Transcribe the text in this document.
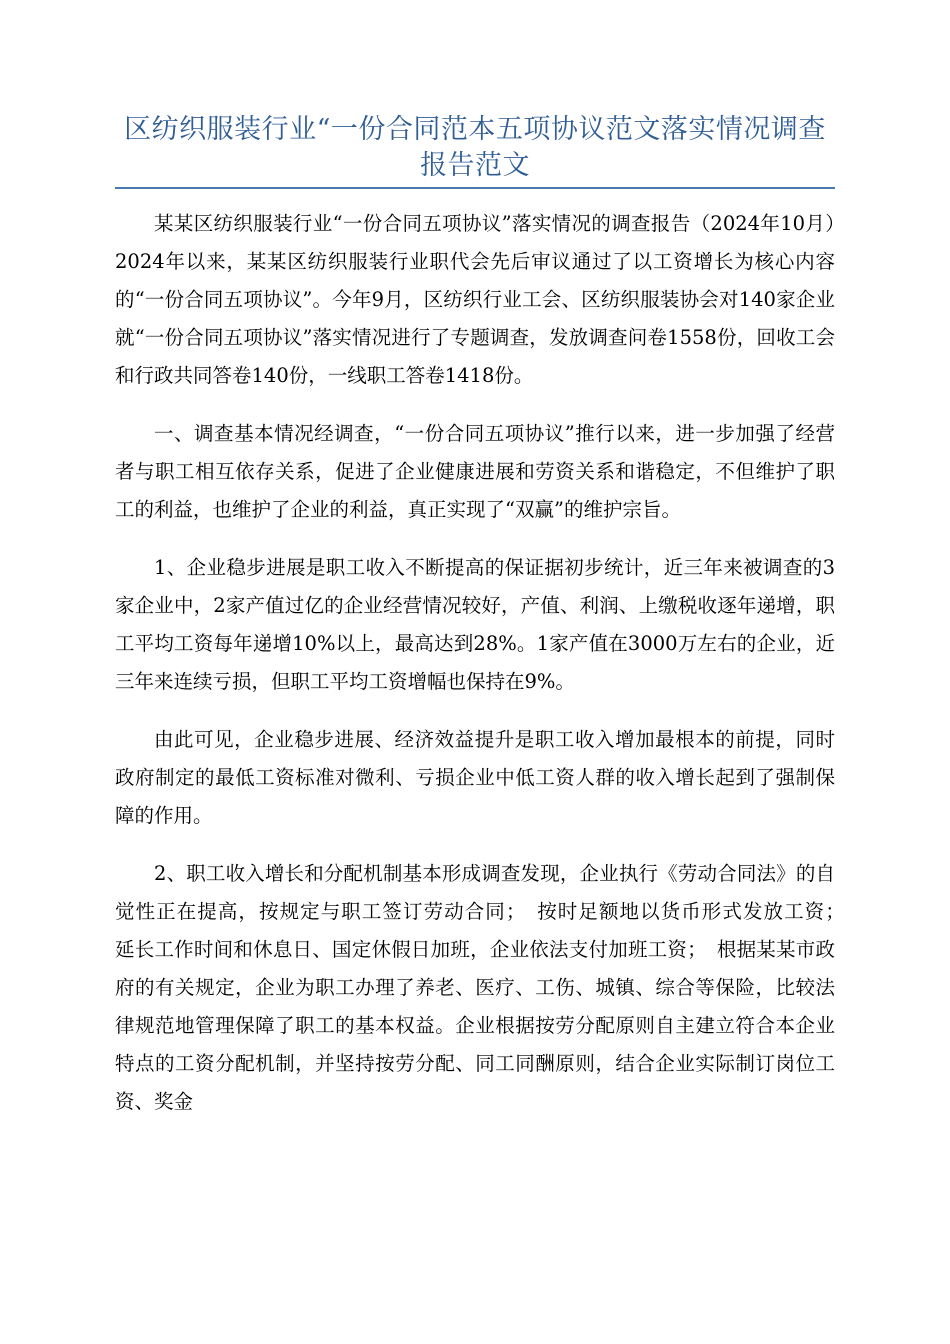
区纺织服装行业“一份合同范本五项协议范文落实情况调查报告范文

某某区纺织服装行业“一份合同五项协议”落实情况的调查报告（2024年10月）　2024年以来，某某区纺织服装行业职代会先后审议通过了以工资增长为核心内容的“一份合同五项协议”。今年9月，区纺织行业工会、区纺织服装协会对140家企业就“一份合同五项协议”落实情况进行了专题调查，发放调查问卷1558份，回收工会和行政共同答卷140份，一线职工答卷1418份。

一、调查基本情况经调查，“一份合同五项协议”推行以来，进一步加强了经营者与职工相互依存关系，促进了企业健康进展和劳资关系和谐稳定，不但维护了职工的利益，也维护了企业的利益，真正实现了“双赢”的维护宗旨。

1、企业稳步进展是职工收入不断提高的保证据初步统计，近三年来被调查的3家企业中，2家产值过亿的企业经营情况较好，产值、利润、上缴税收逐年递增，职工平均工资每年递增10%以上，最高达到28%。1家产值在3000万左右的企业，近三年来连续亏损，但职工平均工资增幅也保持在9%。

由此可见，企业稳步进展、经济效益提升是职工收入增加最根本的前提，同时政府制定的最低工资标准对微利、亏损企业中低工资人群的收入增长起到了强制保障的作用。

2、职工收入增长和分配机制基本形成调查发现，企业执行《劳动合同法》的自觉性正在提高，按规定与职工签订劳动合同；　按时足额地以货币形式发放工资；　延长工作时间和休息日、国定休假日加班，企业依法支付加班工资；　根据某某市政府的有关规定，企业为职工办理了养老、医疗、工伤、城镇、综合等保险，比较法律规范地管理保障了职工的基本权益。企业根据按劳分配原则自主建立符合本企业特点的工资分配机制，并坚持按劳分配、同工同酬原则，结合企业实际制订岗位工资、奖金
